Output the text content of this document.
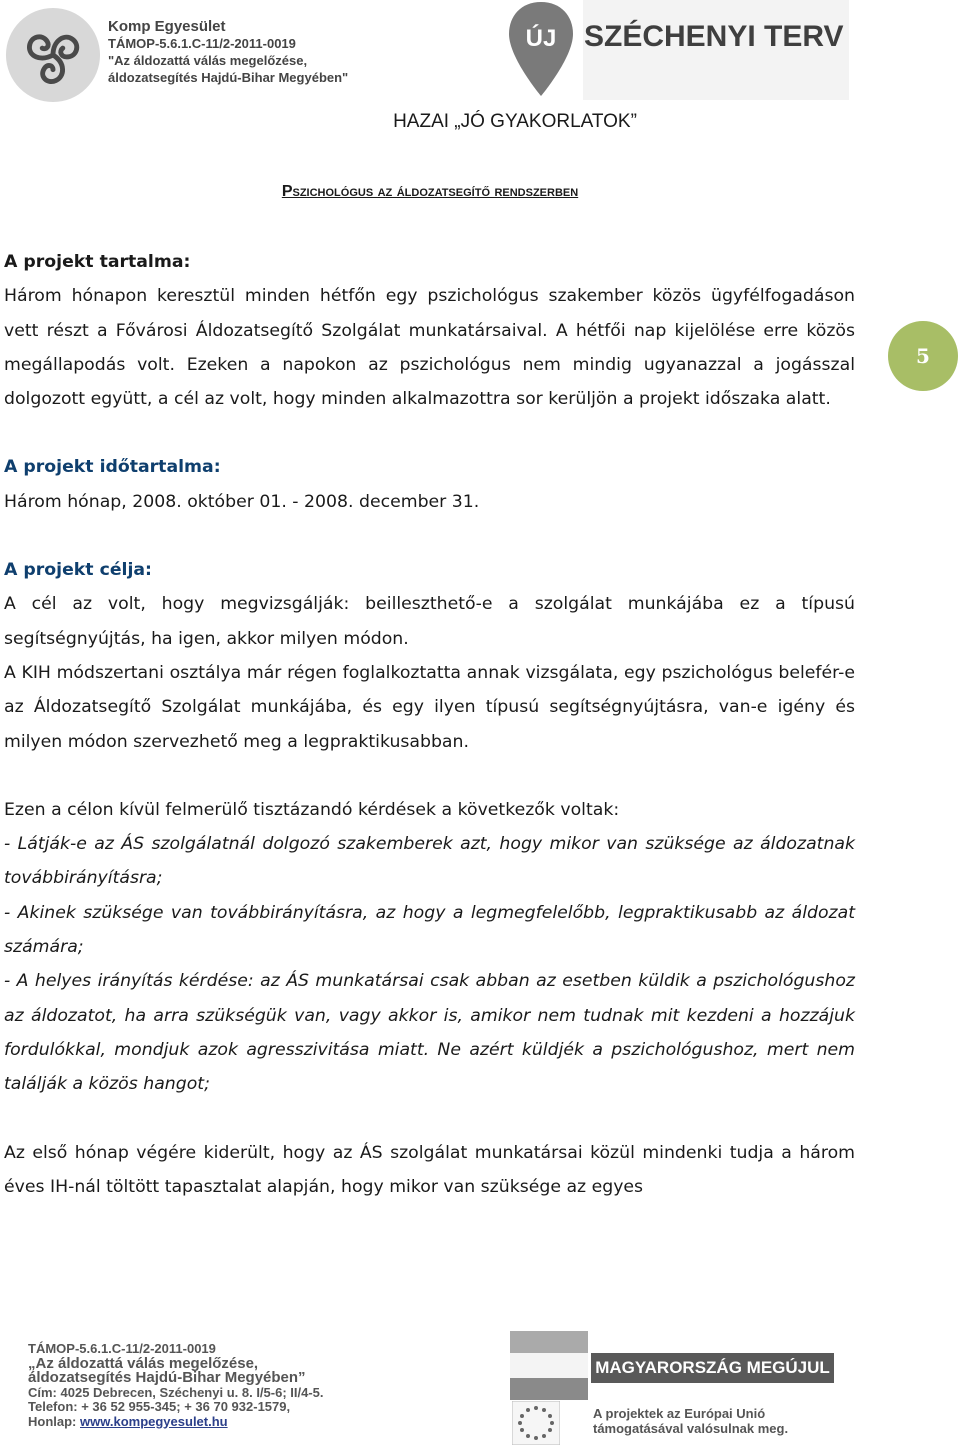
Komp Egyesület
TÁMOP-5.6.1.C-11/2-2011-0019
"Az áldozattá válás megelőzése,
áldozatsegítés Hajdú-Bihar Megyében"
ÚJ SZÉCHENYI TERV
HAZAI „JÓ GYAKORLATOK”
Pszichológus az áldozatsegítő rendszerben

A projekt tartalma:

Három hónapon keresztül minden hétfőn egy pszichológus szakember közös ügyfélfogadáson vett részt a Fővárosi Áldozatsegítő Szolgálat munkatársaival. A hétfői nap kijelölése erre közös megállapodás volt. Ezeken a napokon az pszichológus nem mindig ugyanazzal a jogásszal dolgozott együtt, a cél az volt, hogy minden alkalmazottra sor kerüljön a projekt időszaka alatt.

A projekt időtartalma:

Három hónap, 2008. október 01. - 2008. december 31.

A projekt célja:

A cél az volt, hogy megvizsgálják: beilleszthető-e a szolgálat munkájába ez a típusú segítségnyújtás, ha igen, akkor milyen módon.

A KIH módszertani osztálya már régen foglalkoztatta annak vizsgálata, egy pszichológus belefér-e az Áldozatsegítő Szolgálat munkájába, és egy ilyen típusú segítségnyújtásra, van-e igény és milyen módon szervezhető meg a legpraktikusabban.

Ezen a célon kívül felmerülő tisztázandó kérdések a következők voltak:

- Látják-e az ÁS szolgálatnál dolgozó szakemberek azt, hogy mikor van szüksége az áldozatnak továbbirányításra;

- Akinek szüksége van továbbirányításra, az hogy a legmegfelelőbb, legpraktikusabb az áldozat számára;

- A helyes irányítás kérdése: az ÁS munkatársai csak abban az esetben küldik a pszichológushoz az áldozatot, ha arra szükségük van, vagy akkor is, amikor nem tudnak mit kezdeni a hozzájuk fordulókkal, mondjuk azok agresszivitása miatt. Ne azért küldjék a pszichológushoz, mert nem találják a közös hangot;

Az első hónap végére kiderült, hogy az ÁS szolgálat munkatársai közül mindenki tudja a három éves IH-nál töltött tapasztalat alapján, hogy mikor van szüksége az egyes

5
TÁMOP-5.6.1.C-11/2-2011-0019
„Az áldozattá válás megelőzése,
áldozatsegítés Hajdú-Bihar Megyében”
Cím: 4025 Debrecen, Széchenyi u. 8. I/5-6; II/4-5.
Telefon: + 36 52 955-345; + 36 70 932-1579,
Honlap: www.kompegyesulet.hu
MAGYARORSZÁG MEGÚJUL
A projektek az Európai Unió
támogatásával valósulnak meg.
